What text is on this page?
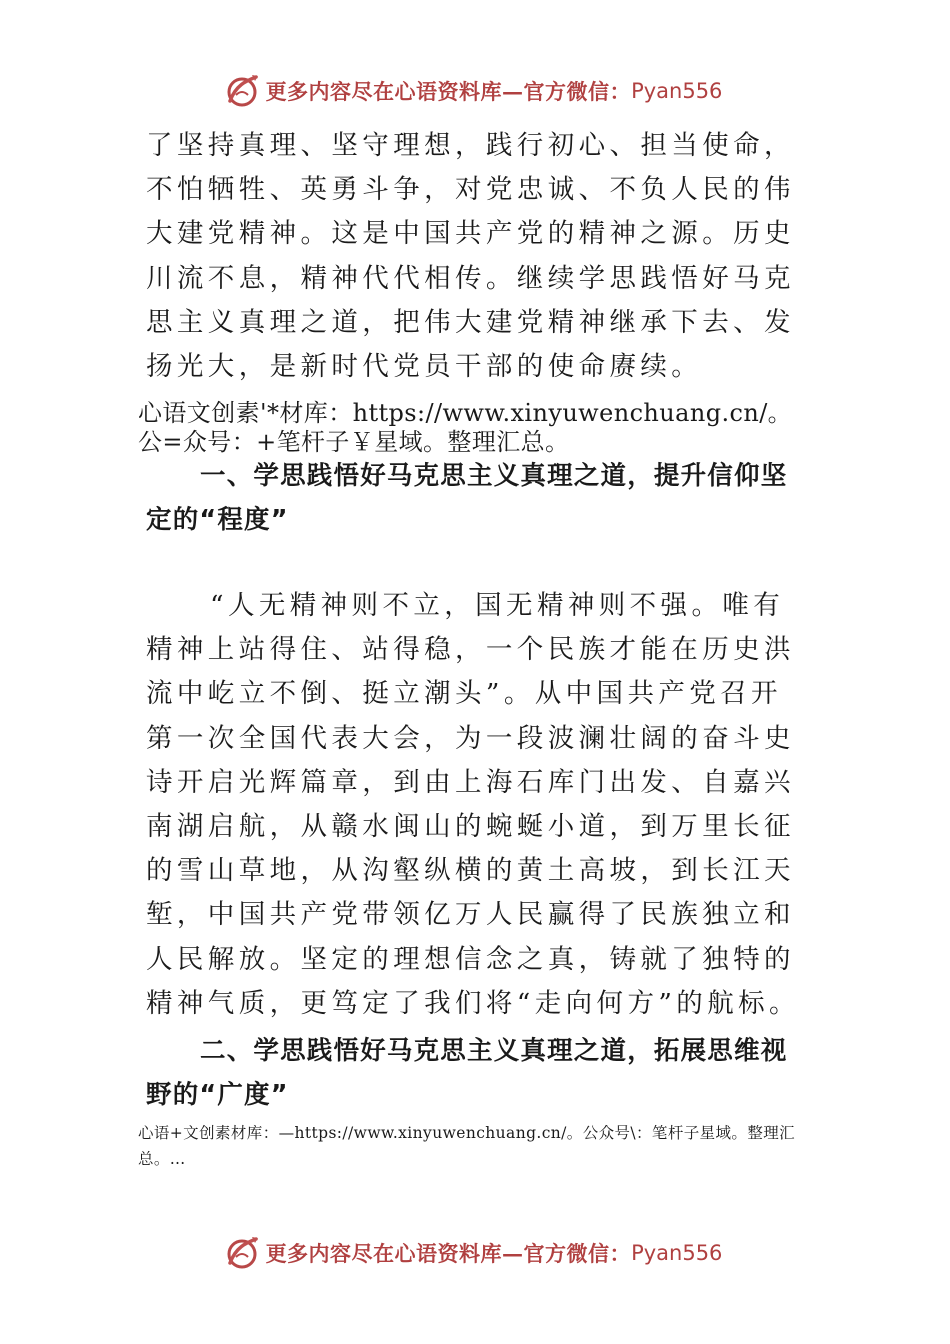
更多内容尽在心语资料库—官方微信： Pyan556

了坚持真理、坚守理想，践行初心、担当使命，不怕牺牲、英勇斗争，对党忠诚、不负人民的伟大建党精神。这是中国共产党的精神之源。历史川流不息，精神代代相传。继续学思践悟好马克思主义真理之道，把伟大建党精神继承下去、发扬光大，是新时代党员干部的使命赓续。

心语文创素'*材库：https://www.xinyuwenchuang.cn/。

公=众号：+笔杆子￥星域。整理汇总。

一、学思践悟好马克思主义真理之道，提升信仰坚定的“程度”

“人无精神则不立，国无精神则不强。唯有精神上站得住、站得稳，一个民族才能在历史洪流中屹立不倒、挺立潮头”。从中国共产党召开第一次全国代表大会，为一段波澜壮阔的奋斗史诗开启光辉篇章，到由上海石库门出发、自嘉兴南湖启航，从赣水闽山的蜿蜒小道，到万里长征的雪山草地，从沟壑纵横的黄土高坡，到长江天堑，中国共产党带领亿万人民赢得了民族独立和人民解放。坚定的理想信念之真，铸就了独特的精神气质，更笃定了我们将“走向何方”的航标。

二、学思践悟好马克思主义真理之道，拓展思维视野的“广度”

心语+文创素材库：—https://www.xinyuwenchuang.cn/。公众号\：笔杆子星域。整理汇总。…

更多内容尽在心语资料库—官方微信： Pyan556
